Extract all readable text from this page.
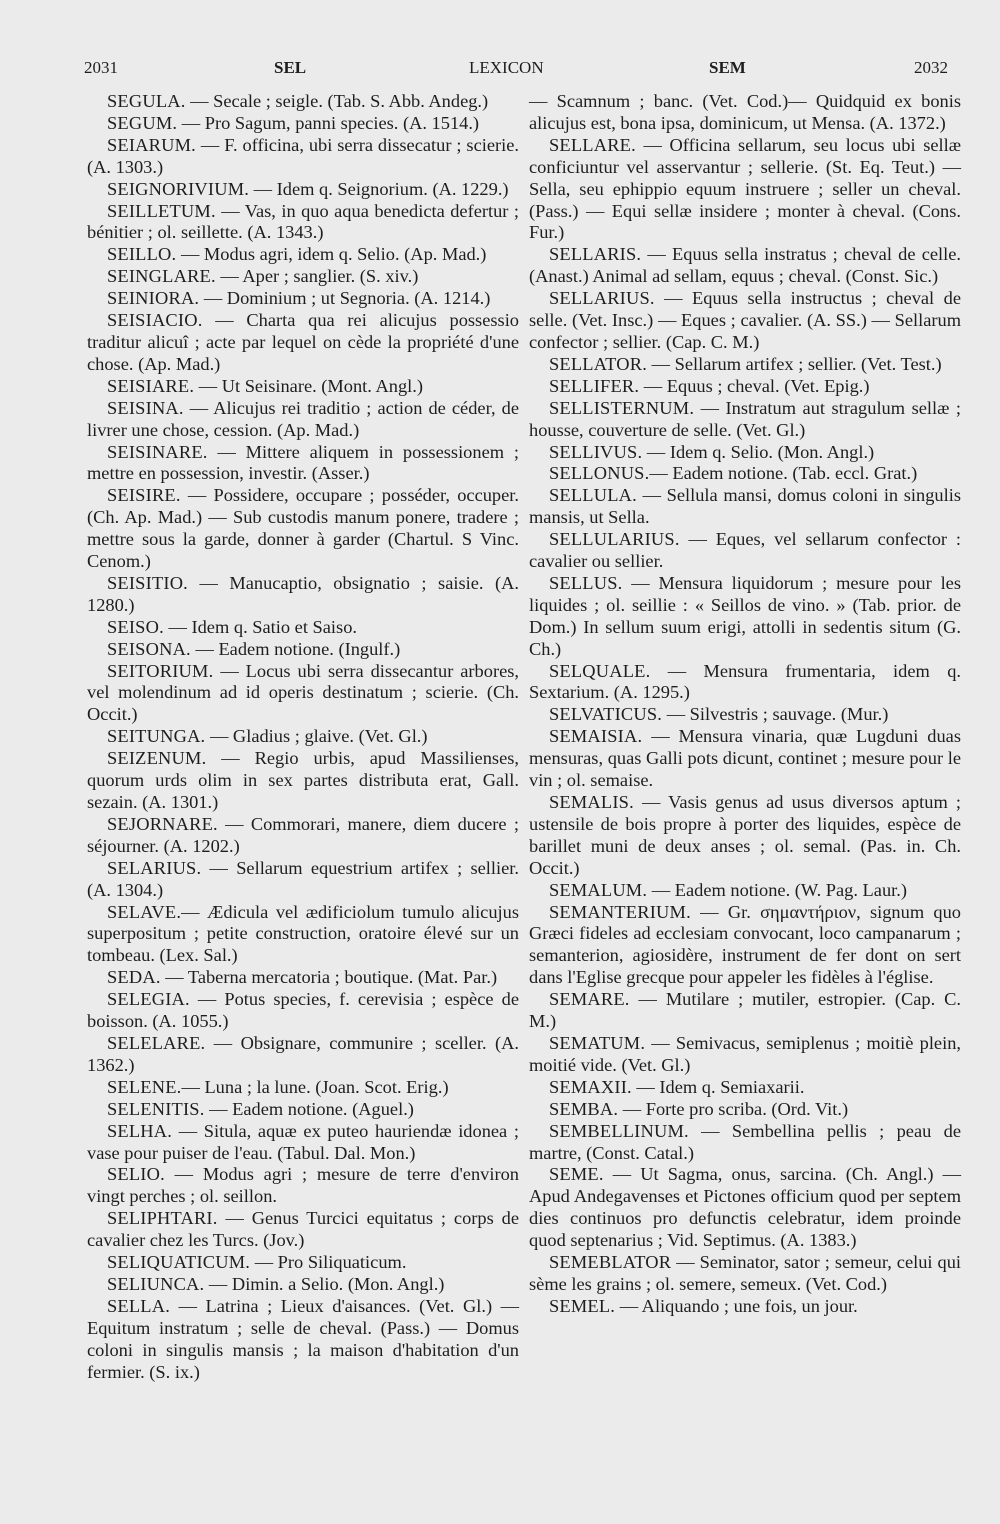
2031	SEL	LEXICON	SEM	2032

SEGULA. — Secale ; seigle. (Tab. S. Abb. Andeg.)

SEGUM. — Pro Sagum, panni species. (A. 1514.)

SEIARUM. — F. officina, ubi serra dissecatur ; scierie. (A. 1303.)

SEIGNORIVIUM. — Idem q. Seignorium. (A. 1229.)

SEILLETUM. — Vas, in quo aqua benedicta defertur ; bénitier ; ol. seillette. (A. 1343.)

SEILLO. — Modus agri, idem q. Selio. (Ap. Mad.)

SEINGLARE. — Aper ; sanglier. (S. xiv.)

SEINIORA. — Dominium ; ut Segnoria. (A. 1214.)

SEISIACIO. — Charta qua rei alicujus possessio traditur alicuî ; acte par lequel on cède la propriété d'une chose. (Ap. Mad.)

SEISIARE. — Ut Seisinare. (Mont. Angl.)

SEISINA. — Alicujus rei traditio ; action de céder, de livrer une chose, cession. (Ap. Mad.)

SEISINARE. — Mittere aliquem in possessionem ; mettre en possession, investir. (Asser.)

SEISIRE. — Possidere, occupare ; posséder, occuper. (Ch. Ap. Mad.) — Sub custodis manum ponere, tradere ; mettre sous la garde, donner à garder (Chartul. S Vinc. Cenom.)

SEISITIO. — Manucaptio, obsignatio ; saisie. (A. 1280.)

SEISO. — Idem q. Satio et Saiso.

SEISONA. — Eadem notione. (Ingulf.)

SEITORIUM. — Locus ubi serra dissecantur arbores, vel molendinum ad id operis destinatum ; scierie. (Ch. Occit.)

SEITUNGA. — Gladius ; glaive. (Vet. Gl.)

SEIZENUM. — Regio urbis, apud Massilienses, quorum urds olim in sex partes distributa erat, Gall. sezain. (A. 1301.)

SEJORNARE. — Commorari, manere, diem ducere ; séjourner. (A. 1202.)

SELARIUS. — Sellarum equestrium artifex ; sellier. (A. 1304.)

SELAVE.— Ædicula vel ædificiolum tumulo alicujus superpositum ; petite construction, oratoire élevé sur un tombeau. (Lex. Sal.)

SEDA. — Taberna mercatoria ; boutique. (Mat. Par.)

SELEGIA. — Potus species, f. cerevisia ; espèce de boisson. (A. 1055.)

SELELARE. — Obsignare, communire ; sceller. (A. 1362.)

SELENE.— Luna ; la lune. (Joan. Scot. Erig.)

SELENITIS. — Eadem notione. (Aguel.)

SELHA. — Situla, aquæ ex puteo hauriendæ idonea ; vase pour puiser de l'eau. (Tabul. Dal. Mon.)

SELIO. — Modus agri ; mesure de terre d'environ vingt perches ; ol. seillon.

SELIPHTARI. — Genus Turcici equitatus ; corps de cavalier chez les Turcs. (Jov.)

SELIQUATICUM. — Pro Siliquaticum.

SELIUNCA. — Dimin. a Selio. (Mon. Angl.)

SELLA. — Latrina ; Lieux d'aisances. (Vet. Gl.) — Equitum instratum ; selle de cheval. (Pass.) — Domus coloni in singulis mansis ; la maison d'habitation d'un fermier. (S. ix.)

— Scamnum ; banc. (Vet. Cod.)— Quidquid ex bonis alicujus est, bona ipsa, dominicum, ut Mensa. (A. 1372.)

SELLARE. — Officina sellarum, seu locus ubi sellæ conficiuntur vel asservantur ; sellerie. (St. Eq. Teut.) — Sella, seu ephippio equum instruere ; seller un cheval. (Pass.) — Equi sellæ insidere ; monter à cheval. (Cons. Fur.)

SELLARIS. — Equus sella instratus ; cheval de celle. (Anast.) Animal ad sellam, equus ; cheval. (Const. Sic.)

SELLARIUS. — Equus sella instructus ; cheval de selle. (Vet. Insc.) — Eques ; cavalier. (A. SS.) — Sellarum confector ; sellier. (Cap. C. M.)

SELLATOR. — Sellarum artifex ; sellier. (Vet. Test.)

SELLIFER. — Equus ; cheval. (Vet. Epig.)

SELLISTERNUM. — Instratum aut stragulum sellæ ; housse, couverture de selle. (Vet. Gl.)

SELLIVUS. — Idem q. Selio. (Mon. Angl.)

SELLONUS.— Eadem notione. (Tab. eccl. Grat.)

SELLULA. — Sellula mansi, domus coloni in singulis mansis, ut Sella.

SELLULARIUS. — Eques, vel sellarum confector : cavalier ou sellier.

SELLUS. — Mensura liquidorum ; mesure pour les liquides ; ol. seillie : « Seillos de vino. » (Tab. prior. de Dom.) In sellum suum erigi, attolli in sedentis situm (G. Ch.)

SELQUALE. — Mensura frumentaria, idem q. Sextarium. (A. 1295.)

SELVATICUS. — Silvestris ; sauvage. (Mur.)

SEMAISIA. — Mensura vinaria, quæ Lugduni duas mensuras, quas Galli pots dicunt, continet ; mesure pour le vin ; ol. semaise.

SEMALIS. — Vasis genus ad usus diversos aptum ; ustensile de bois propre à porter des liquides, espèce de barillet muni de deux anses ; ol. semal. (Pas. in. Ch. Occit.)

SEMALUM. — Eadem notione. (W. Pag. Laur.)

SEMANTERIUM. — Gr. σημαντήριον, signum quo Græci fideles ad ecclesiam convocant, loco campanarum ; semanterion, agiosidère, instrument de fer dont on sert dans l'Eglise grecque pour appeler les fidèles à l'église.

SEMARE. — Mutilare ; mutiler, estropier. (Cap. C. M.)

SEMATUM. — Semivacus, semiplenus ; moitiè plein, moitié vide. (Vet. Gl.)

SEMAXII. — Idem q. Semiaxarii.

SEMBA. — Forte pro scriba. (Ord. Vit.)

SEMBELLINUM. — Sembellina pellis ; peau de martre, (Const. Catal.)

SEME. — Ut Sagma, onus, sarcina. (Ch. Angl.) — Apud Andegavenses et Pictones officium quod per septem dies continuos pro defunctis celebratur, idem proinde quod septenarius ; Vid. Septimus. (A. 1383.)

SEMEBLATOR — Seminator, sator ; semeur, celui qui sème les grains ; ol. semere, semeux. (Vet. Cod.)

SEMEL. — Aliquando ; une fois, un jour.
